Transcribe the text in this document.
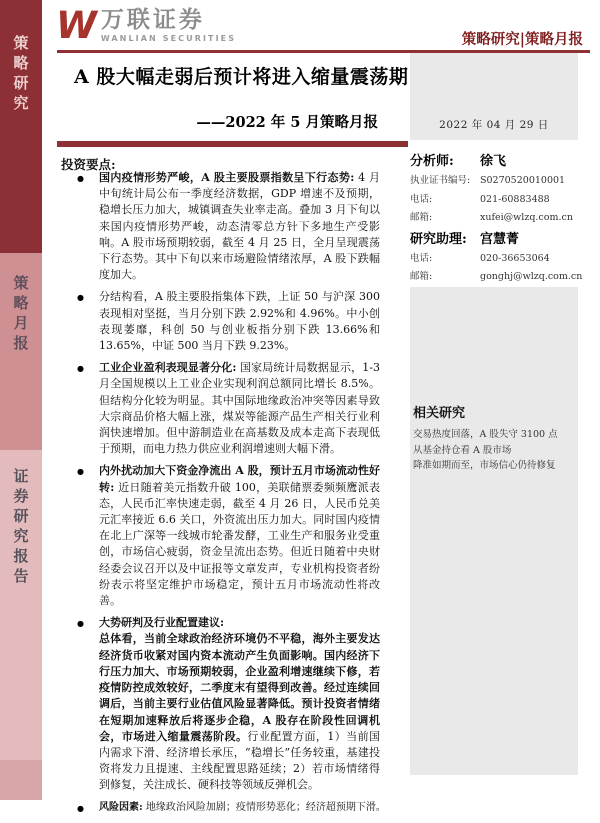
策略研究
策略月报
证券研究报告
W 万联证券
WANLIAN SECURITIES	策略研究|策略月报
2022 年 04 月 29 日
A 股大幅走弱后预计将进入缩量震荡期
——2022 年 5 月策略月报
投资要点:
●	国内疫情形势严峻，A 股主要股票指数呈下行态势: 4 月中旬统计局公布一季度经济数据，GDP 增速不及预期，稳增长压力加大，城镇调查失业率走高。叠加 3 月下旬以来国内疫情形势严峻，动态清零总方针下多地生产受影响。A 股市场预期较弱，截至 4 月 25 日，全月呈现震荡下行态势。其中下旬以来市场避险情绪浓厚，A 股下跌幅度加大。
●	分结构看，A 股主要股指集体下跌，上证 50 与沪深 300 表现相对坚挺，当月分别下跌 2.92%和 4.96%。中小创表现萎靡，科创 50 与创业板指分别下跌 13.66%和 13.65%，中证 500 当月下跌 9.23%。
●	工业企业盈利表现显著分化: 国家局统计局数据显示，1-3 月全国规模以上工业企业实现利润总额同比增长 8.5%。但结构分化较为明显。其中国际地缘政治冲突等因素导致大宗商品价格大幅上涨，煤炭等能源产品生产相关行业利润快速增加。但中游制造业在高基数及成本走高下表现低于预期，而电力热力供应业利润增速则大幅下滑。
●	内外扰动加大下资金净流出 A 股，预计五月市场流动性好转: 近日随着美元指数升破 100，美联储票委频频鹰派表态，人民币汇率快速走弱，截至 4 月 26 日，人民币兑美元汇率接近 6.6 关口，外资流出压力加大。同时国内疫情在北上广深等一线城市轮番发酵，工业生产和服务业受重创，市场信心疲弱，资金呈流出态势。但近日随着中央财经委会议召开以及中证报等文章发声，专业机构投资者纷纷表示将坚定维护市场稳定，预计五月市场流动性将改善。
●	大势研判及行业配置建议:
总体看，当前全球政治经济环境仍不平稳，海外主要发达经济货币收紧对国内资本流动产生负面影响。国内经济下行压力加大、市场预期较弱，企业盈利增速继续下修，若疫情防控成效较好，二季度末有望得到改善。经过连续回调后，当前主要行业估值风险显著降低。预计投资者情绪在短期加速释放后将逐步企稳，A 股存在阶段性回调机会，市场进入缩量震荡阶段。行业配置方面，1）当前国内需求下滑、经济增长承压，“稳增长”任务较重，基建投资将发力且提速、主线配置思路延续；2）若市场情绪得到修复，关注成长、硬科技等领域反弹机会。
●	风险因素: 地缘政治风险加剧；疫情形势恶化；经济超预期下滑。
分析师:	徐飞
执业证书编号:	S0270520010001
电话:	021-60883488
邮箱:	xufei@wlzq.com.cn
研究助理:	宫慧菁
电话:	020-36653064
邮箱:	gonghj@wlzq.com.cn
相关研究
交易热度回落，A 股失守 3100 点
从基金持仓看 A 股市场
降准如期而至，市场信心仍待修复
